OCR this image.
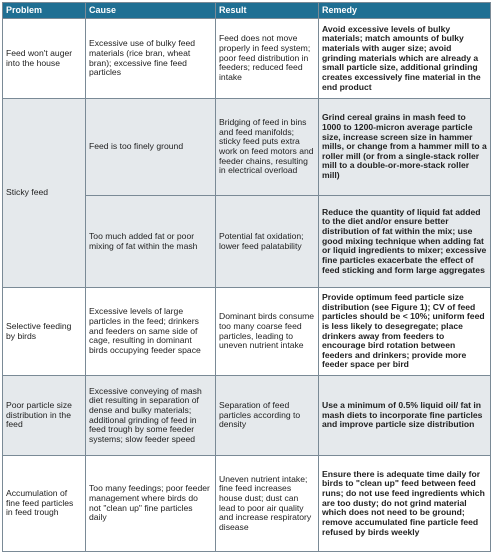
Problem	Cause	Result	Remedy
Feed won't auger into the house	Excessive use of bulky feed materials (rice bran, wheat bran); excessive fine feed particles	Feed does not move properly in feed system; poor feed distribution in feeders; reduced feed intake	Avoid excessive levels of bulky materials; match amounts of bulky materials with auger size; avoid grinding materials which are already a small particle size, additional grinding creates excessively fine material in the end product
Sticky feed	Feed is too finely ground	Bridging of feed in bins and feed manifolds; sticky feed puts extra work on feed motors and feeder chains, resulting in electrical overload	Grind cereal grains in mash feed to 1000 to 1200-micron average particle size, increase screen size in hammer mills, or change from a hammer mill to a roller mill (or from a single-stack roller mill to a double-or-more-stack roller mill)
	Too much added fat or poor mixing of fat within the mash	Potential fat oxidation; lower feed palatability	Reduce the quantity of liquid fat added to the diet and/or ensure better distribution of fat within the mix; use good mixing technique when adding fat or liquid ingredients to mixer; excessive fine particles exacerbate the effect of feed sticking and form large aggregates
Selective feeding by birds	Excessive levels of large particles in the feed; drinkers and feeders on same side of cage, resulting in dominant birds occupying feeder space	Dominant birds consume too many coarse feed particles, leading to uneven nutrient intake	Provide optimum feed particle size distribution (see Figure 1); CV of feed particles should be < 10%; uniform feed is less likely to desegregate; place drinkers away from feeders to encourage bird rotation between feeders and drinkers; provide more feeder space per bird
Poor particle size distribution in the feed	Excessive conveying of mash diet resulting in separation of dense and bulky materials; additional grinding of feed in feed trough by some feeder systems; slow feeder speed	Separation of feed particles according to density	Use a minimum of 0.5% liquid oil/ fat in mash diets to incorporate fine particles and improve particle size distribution
Accumulation of fine feed particles in feed trough	Too many feedings; poor feeder management where birds do not "clean up" fine particles daily	Uneven nutrient intake; fine feed increases house dust; dust can lead to poor air quality and increase respiratory disease	Ensure there is adequate time daily for birds to "clean up" feed between feed runs; do not use feed ingredients which are too dusty; do not grind material which does not need to be ground; remove accumulated fine particle feed refused by birds weekly
